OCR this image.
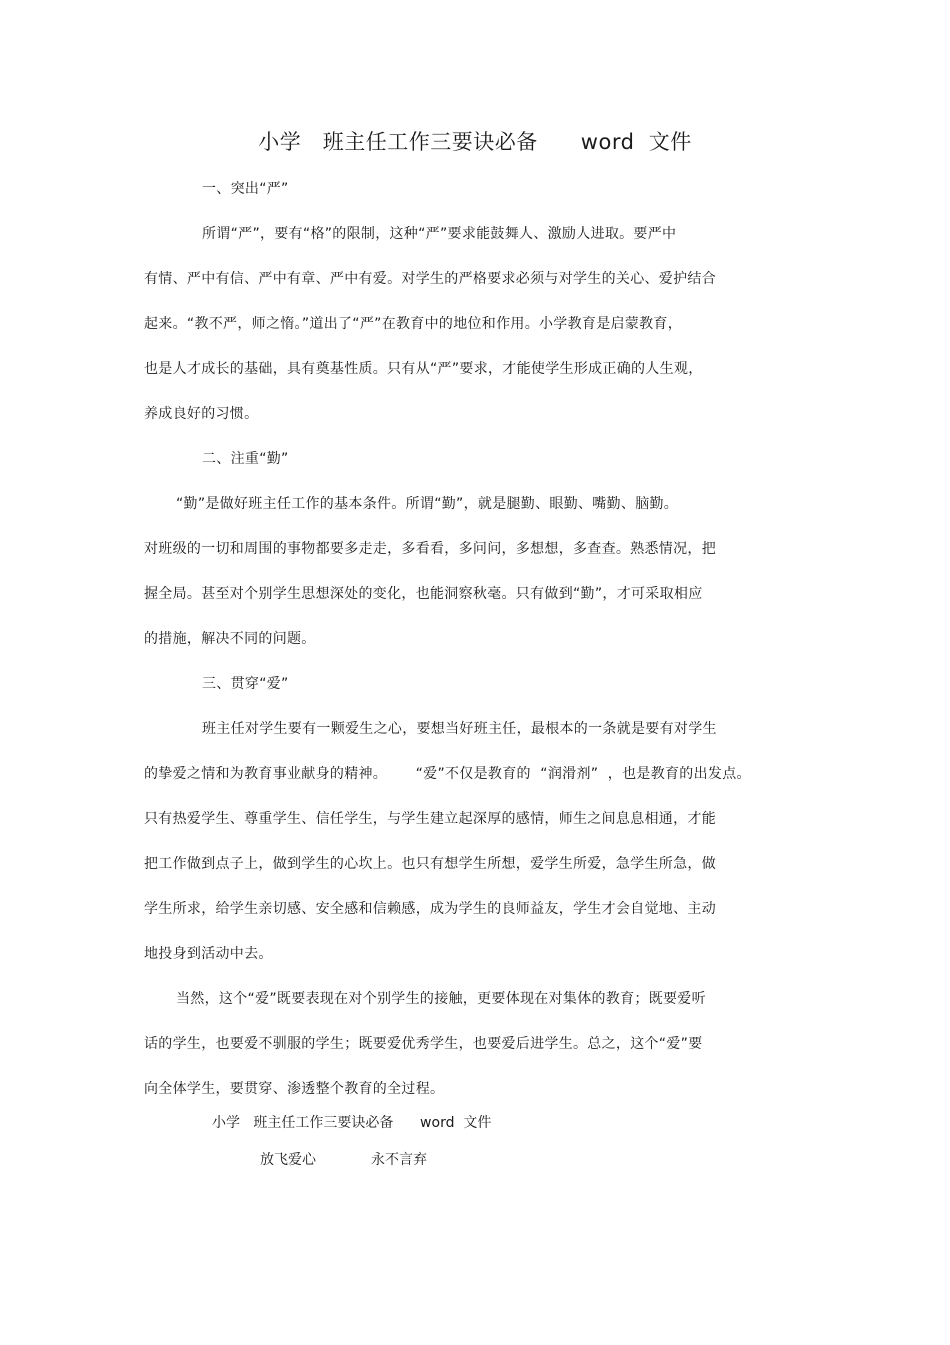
小学   班主任工作三要诀必备      word  文件
一、突出“严”
所谓“严”，要有“格”的限制，这种“严”要求能鼓舞人、激励人进取。要严中
有情、严中有信、严中有章、严中有爱。对学生的严格要求必须与对学生的关心、爱护结合
起来。“教不严，师之惰。”道出了“严”在教育中的地位和作用。小学教育是启蒙教育，
也是人才成长的基础，具有奠基性质。只有从“严”要求，才能使学生形成正确的人生观，
养成良好的习惯。
二、注重“勤”
“勤”是做好班主任工作的基本条件。所谓“勤”，就是腿勤、眼勤、嘴勤、脑勤。
对班级的一切和周围的事物都要多走走，多看看，多问问，多想想，多查查。熟悉情况，把
握全局。甚至对个别学生思想深处的变化，也能洞察秋毫。只有做到“勤”，才可采取相应
的措施，解决不同的问题。
三、贯穿“爱”
班主任对学生要有一颗爱生之心，要想当好班主任，最根本的一条就是要有对学生
的挚爱之情和为教育事业献身的精神。      “爱”不仅是教育的  “润滑剂”  ，也是教育的出发点。
只有热爱学生、尊重学生、信任学生，与学生建立起深厚的感情，师生之间息息相通，才能
把工作做到点子上，做到学生的心坎上。也只有想学生所想，爱学生所爱，急学生所急，做
学生所求，给学生亲切感、安全感和信赖感，成为学生的良师益友，学生才会自觉地、主动
地投身到活动中去。
当然，这个“爱”既要表现在对个别学生的接触，更要体现在对集体的教育；既要爱听
话的学生，也要爱不驯服的学生；既要爱优秀学生，也要爱后进学生。总之，这个“爱”要
向全体学生，要贯穿、渗透整个教育的全过程。
小学   班主任工作三要诀必备      word  文件
放飞爱心	永不言弃
